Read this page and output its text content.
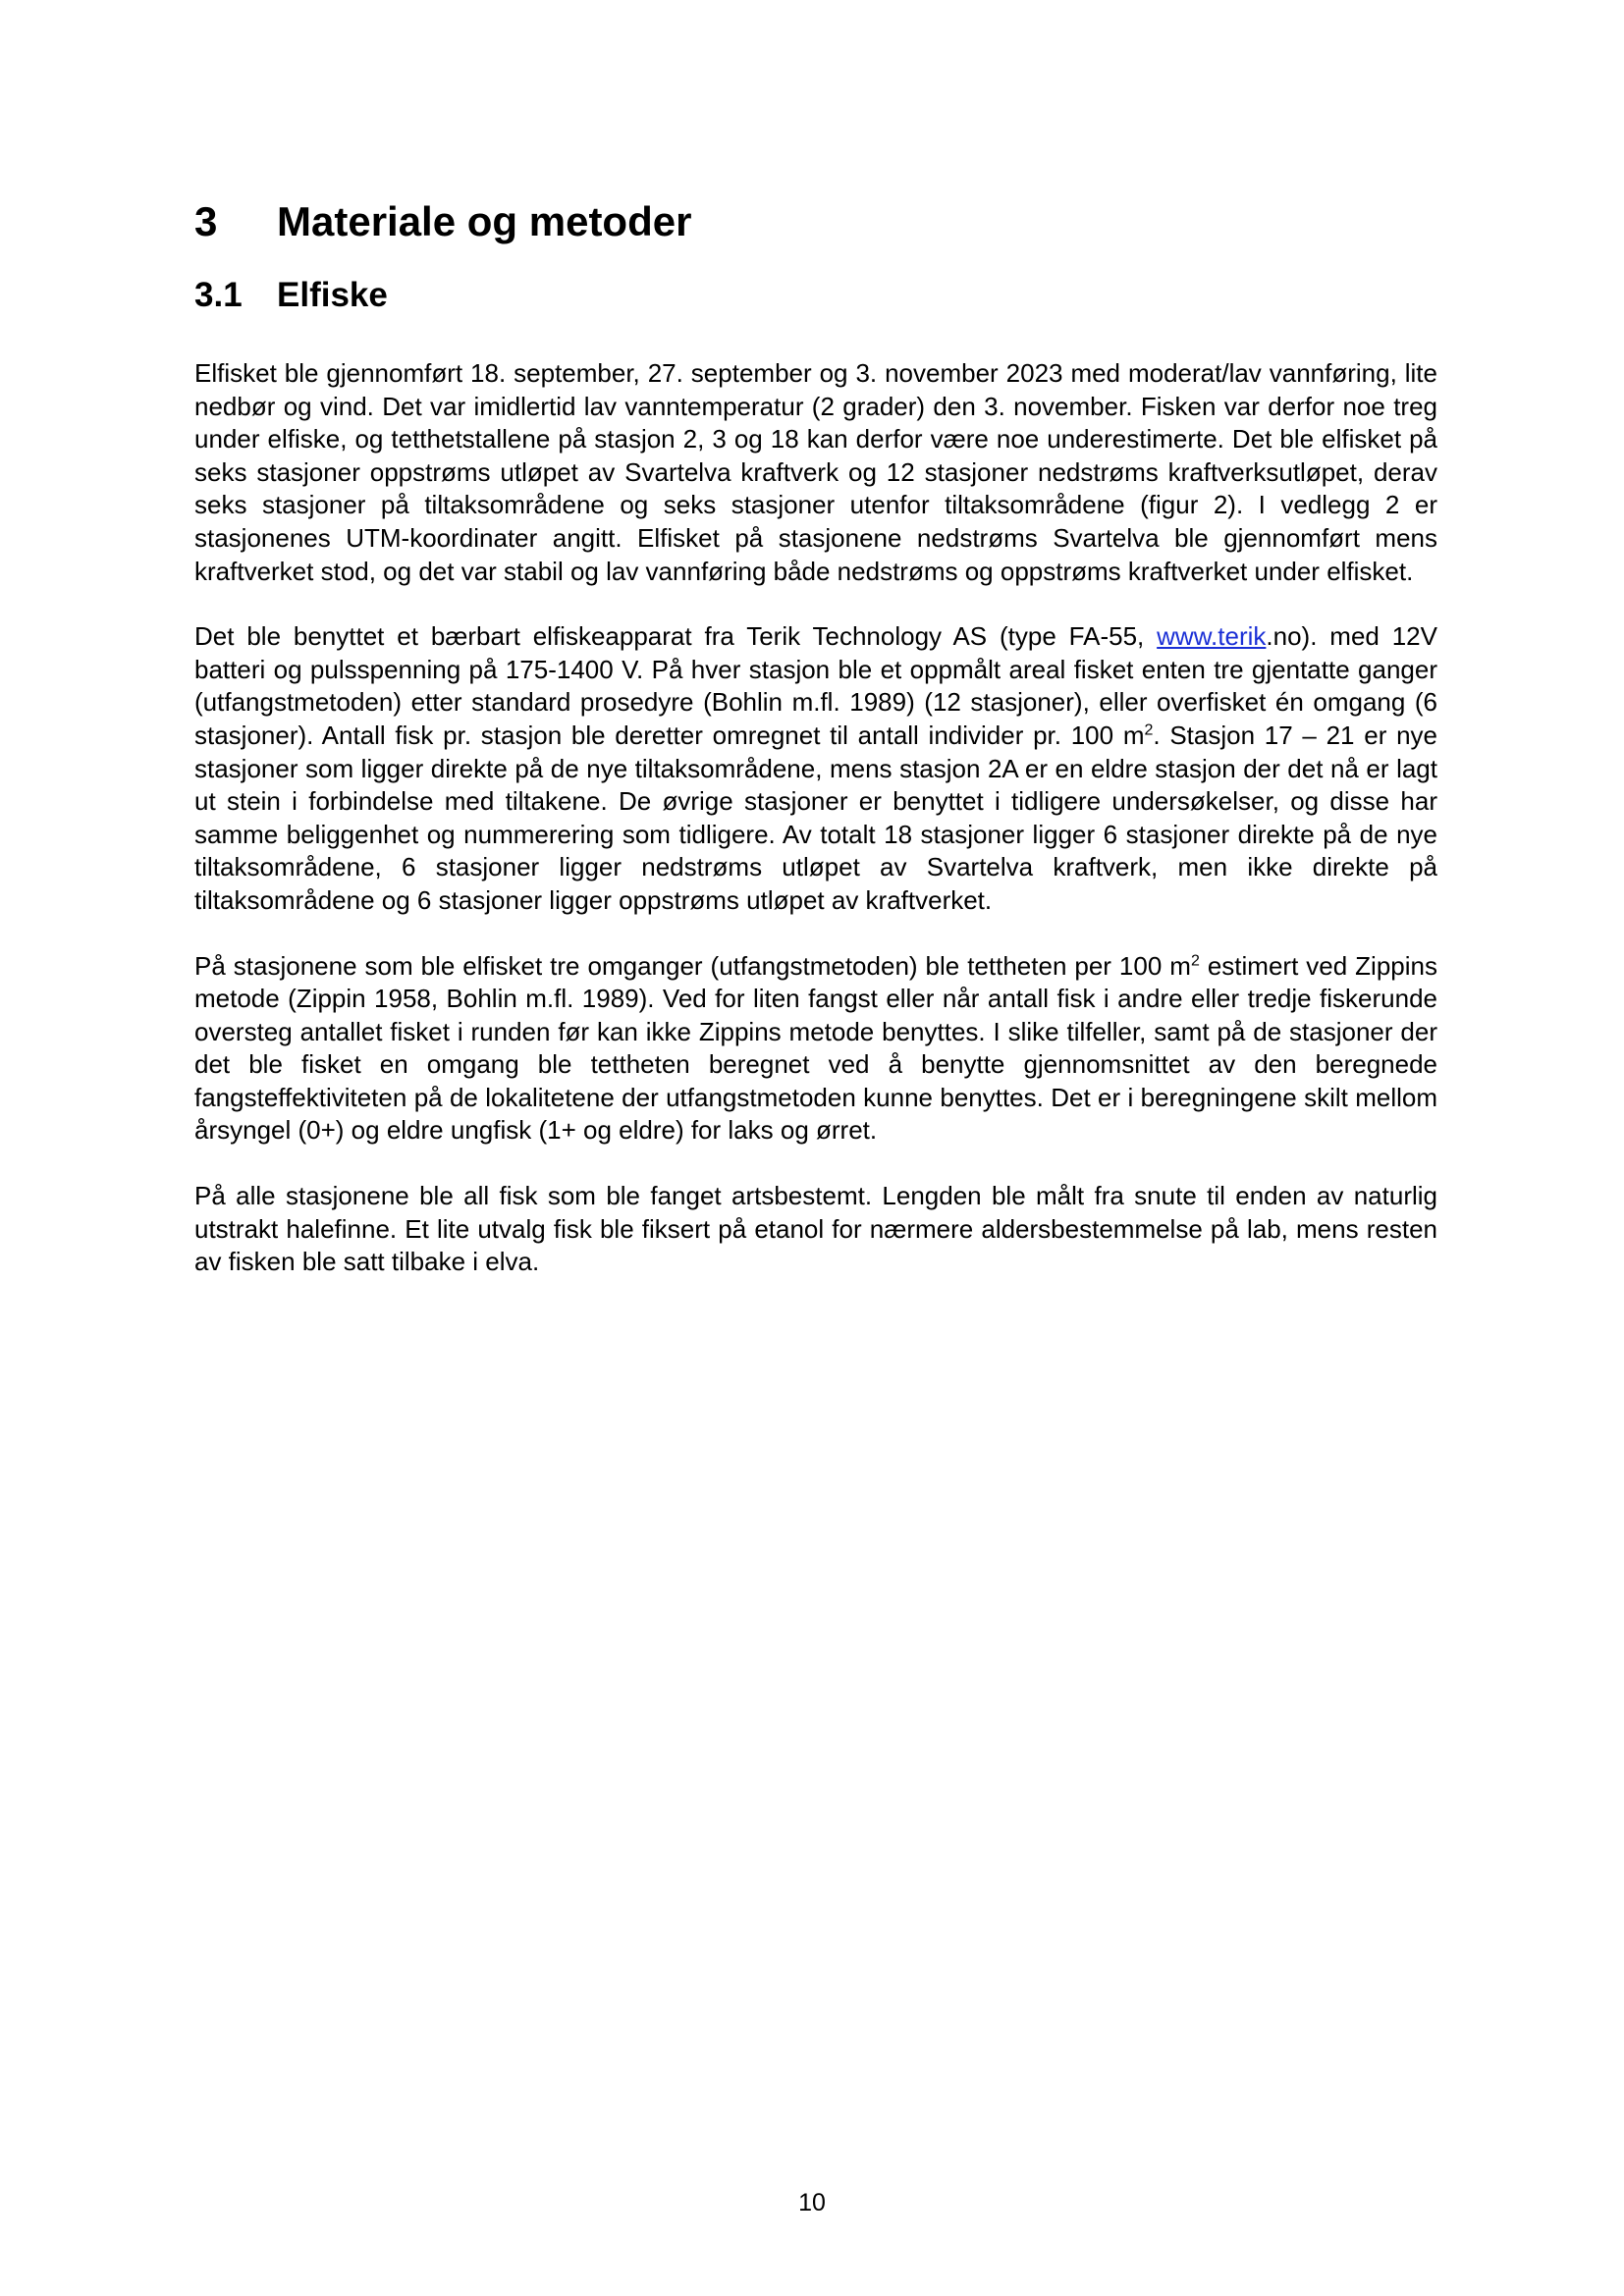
3	Materiale og metoder
3.1	Elfiske

Elfisket ble gjennomført 18. september, 27. september og 3. november 2023 med moderat/lav vannføring, lite nedbør og vind. Det var imidlertid lav vanntemperatur (2 grader) den 3. november. Fisken var derfor noe treg under elfiske, og tetthetstallene på stasjon 2, 3 og 18 kan derfor være noe underestimerte. Det ble elfisket på seks stasjoner oppstrøms utløpet av Svartelva kraftverk og 12 stasjoner nedstrøms kraftverksutløpet, derav seks stasjoner på tiltaksområdene og seks stasjoner utenfor tiltaksområdene (figur 2). I vedlegg 2 er stasjonenes UTM-koordinater angitt. Elfisket på stasjonene nedstrøms Svartelva ble gjennomført mens kraftverket stod, og det var stabil og lav vannføring både nedstrøms og oppstrøms kraftverket under elfisket.

Det ble benyttet et bærbart elfiskeapparat fra Terik Technology AS (type FA-55, www.terik.no). med 12V batteri og pulsspenning på 175-1400 V. På hver stasjon ble et oppmålt areal fisket enten tre gjentatte ganger (utfangstmetoden) etter standard prosedyre (Bohlin m.fl. 1989) (12 stasjoner), eller overfisket én omgang (6 stasjoner). Antall fisk pr. stasjon ble deretter omregnet til antall individer pr. 100 $m^2$. Stasjon 17 – 21 er nye stasjoner som ligger direkte på de nye tiltaksområdene, mens stasjon 2A er en eldre stasjon der det nå er lagt ut stein i forbindelse med tiltakene. De øvrige stasjoner er benyttet i tidligere undersøkelser, og disse har samme beliggenhet og nummerering som tidligere. Av totalt 18 stasjoner ligger 6 stasjoner direkte på de nye tiltaksområdene, 6 stasjoner ligger nedstrøms utløpet av Svartelva kraftverk, men ikke direkte på tiltaksområdene og 6 stasjoner ligger oppstrøms utløpet av kraftverket.

På stasjonene som ble elfisket tre omganger (utfangstmetoden) ble tettheten per 100 $m^2$ estimert ved Zippins metode (Zippin 1958, Bohlin m.fl. 1989). Ved for liten fangst eller når antall fisk i andre eller tredje fiskerunde oversteg antallet fisket i runden før kan ikke Zippins metode benyttes. I slike tilfeller, samt på de stasjoner der det ble fisket en omgang ble tettheten beregnet ved å benytte gjennomsnittet av den beregnede fangsteffektiviteten på de lokalitetene der utfangstmetoden kunne benyttes. Det er i beregningene skilt mellom årsyngel (0+) og eldre ungfisk (1+ og eldre) for laks og ørret.

På alle stasjonene ble all fisk som ble fanget artsbestemt. Lengden ble målt fra snute til enden av naturlig utstrakt halefinne. Et lite utvalg fisk ble fiksert på etanol for nærmere aldersbestemmelse på lab, mens resten av fisken ble satt tilbake i elva.

10
